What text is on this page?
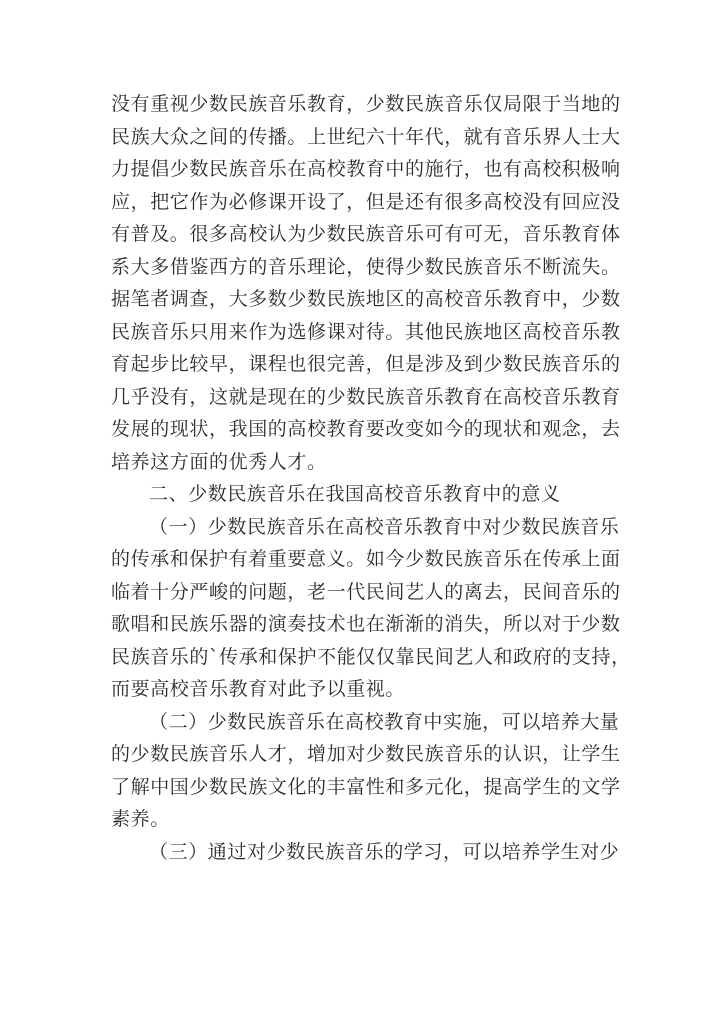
没有重视少数民族音乐教育，少数民族音乐仅局限于当地的
民族大众之间的传播。上世纪六十年代，就有音乐界人士大
力提倡少数民族音乐在高校教育中的施行，也有高校积极响
应，把它作为必修课开设了，但是还有很多高校没有回应没
有普及。很多高校认为少数民族音乐可有可无，音乐教育体
系大多借鉴西方的音乐理论，使得少数民族音乐不断流失。
据笔者调查，大多数少数民族地区的高校音乐教育中，少数
民族音乐只用来作为选修课对待。其他民族地区高校音乐教
育起步比较早，课程也很完善，但是涉及到少数民族音乐的
几乎没有，这就是现在的少数民族音乐教育在高校音乐教育
发展的现状，我国的高校教育要改变如今的现状和观念，去
培养这方面的优秀人才。
二、少数民族音乐在我国高校音乐教育中的意义
（一）少数民族音乐在高校音乐教育中对少数民族音乐
的传承和保护有着重要意义。如今少数民族音乐在传承上面
临着十分严峻的问题，老一代民间艺人的离去，民间音乐的
歌唱和民族乐器的演奏技术也在渐渐的消失，所以对于少数
民族音乐的`传承和保护不能仅仅靠民间艺人和政府的支持，
而要高校音乐教育对此予以重视。
（二）少数民族音乐在高校教育中实施，可以培养大量
的少数民族音乐人才，增加对少数民族音乐的认识，让学生
了解中国少数民族文化的丰富性和多元化，提高学生的文学
素养。
（三）通过对少数民族音乐的学习，可以培养学生对少
